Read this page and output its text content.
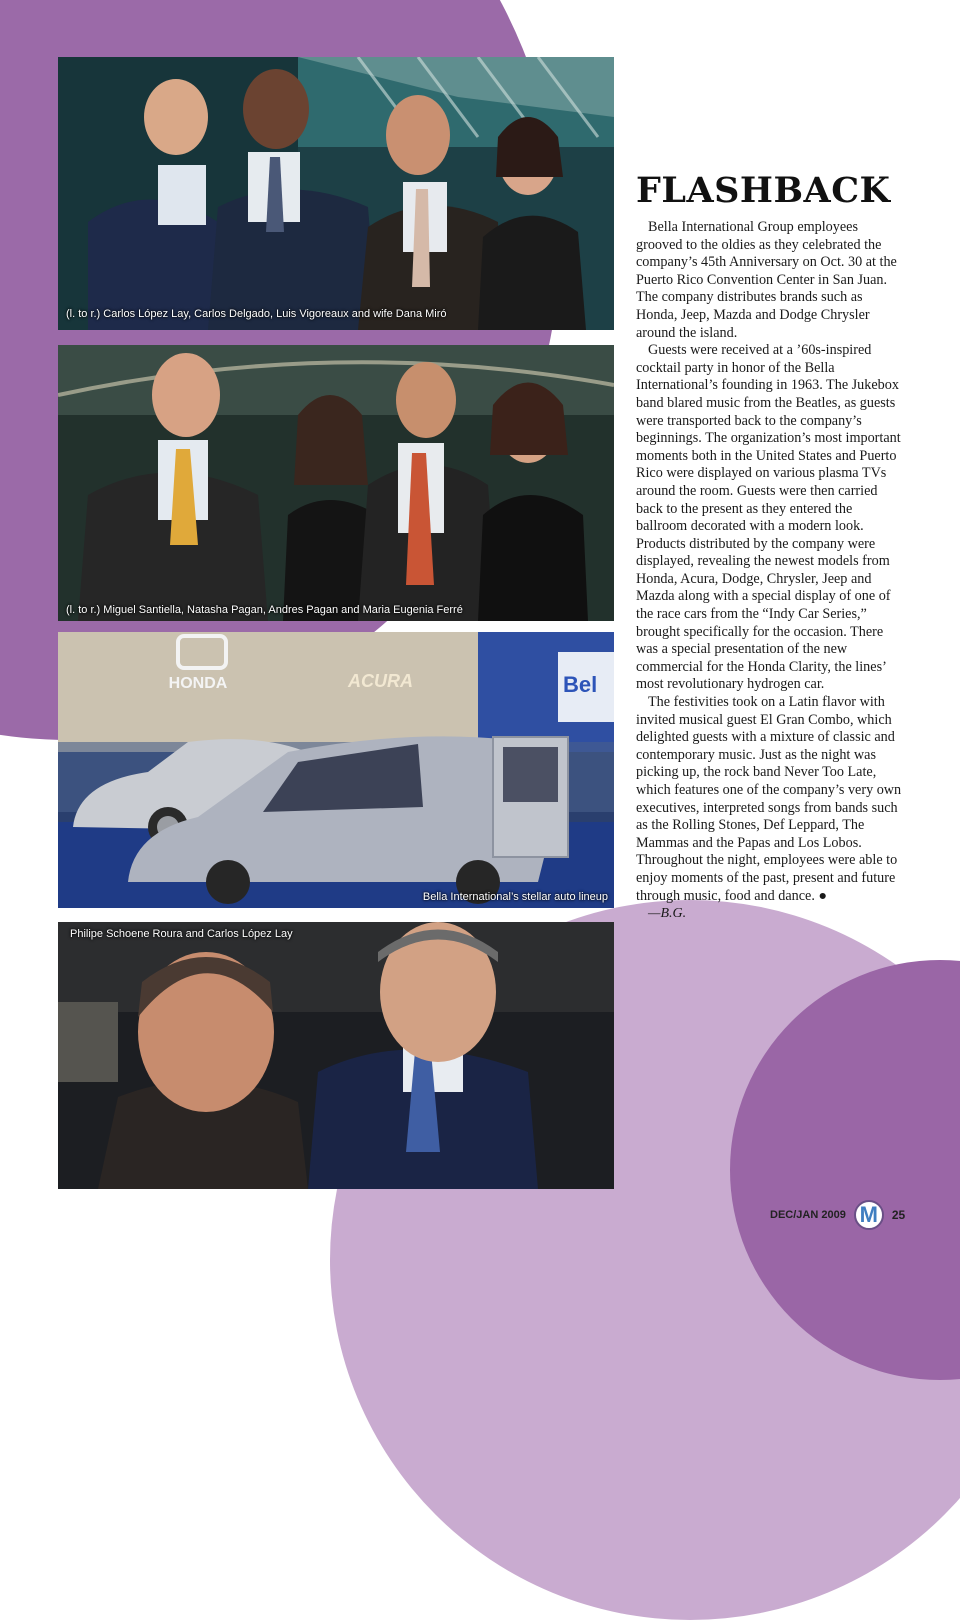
(l. to r.) Carlos López Lay, Carlos Delgado, Luis Vigoreaux and wife Dana Miró
(l. to r.) Miguel Santiella, Natasha Pagan, Andres Pagan and Maria Eugenia Ferré
HONDA	ACURA	Bel
Bella International’s stellar auto lineup
Philipe Schoene Roura and Carlos López Lay
FLASHBACK

Bella International Group employees grooved to the oldies as they celebrated the company’s 45th Anniversary on Oct. 30 at the Puerto Rico Convention Center in San Juan. The company distributes brands such as Honda, Jeep, Mazda and Dodge Chrysler around the island.

Guests were received at a ’60s-inspired cocktail party in honor of the Bella International’s founding in 1963. The Jukebox band blared music from the Beatles, as guests were transported back to the company’s beginnings. The organization’s most important moments both in the United States and Puerto Rico were displayed on various plasma TVs around the room. Guests were then carried back to the present as they entered the ballroom decorated with a modern look. Products distributed by the company were displayed, revealing the newest models from Honda, Acura, Dodge, Chrysler, Jeep and Mazda along with a special display of one of the race cars from the “Indy Car Series,” brought specifically for the occasion. There was a special presentation of the new commercial for the Honda Clarity, the lines’ most revolutionary hydrogen car.

The festivities took on a Latin flavor with invited musical guest El Gran Combo, which delighted guests with a mixture of classic and contemporary music. Just as the night was picking up, the rock band Never Too Late, which features one of the company’s very own executives, interpreted songs from bands such as the Rolling Stones, Def Leppard, The Mammas and the Papas and Los Lobos. Throughout the night, employees were able to enjoy moments of the past, present and future through music, food and dance. ●

—B.G.
DEC/JAN 2009 M	25
